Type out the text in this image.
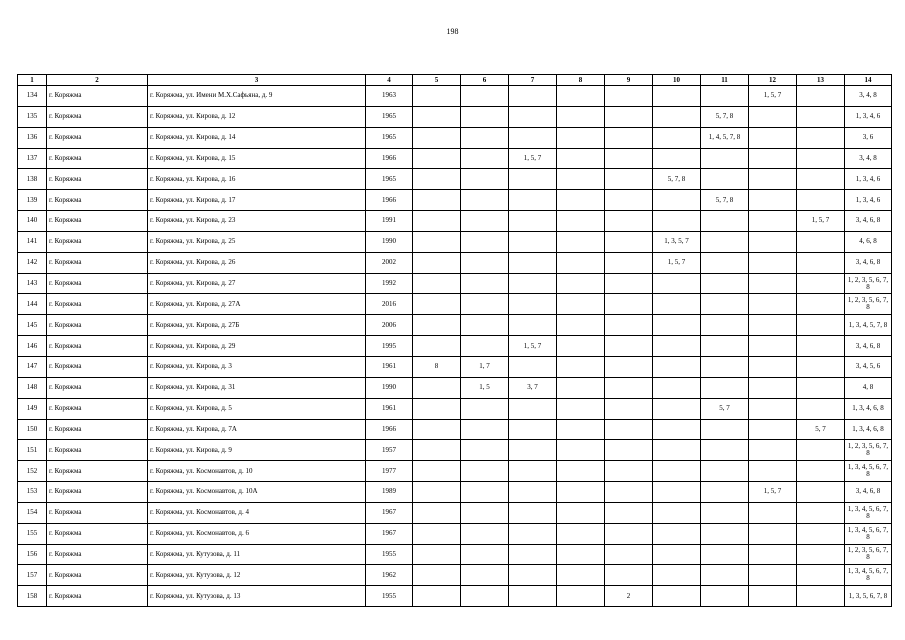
198
1	2	3	4	5	6	7	8	9	10	11	12	13	14
134	г. Коряжма	г. Коряжма, ул. Имени М.Х.Сафьяна, д. 9	1963								1, 5, 7		3, 4, 8
135	г. Коряжма	г. Коряжма, ул. Кирова, д. 12	1965							5, 7, 8			1, 3, 4, 6
136	г. Коряжма	г. Коряжма, ул. Кирова, д. 14	1965							1, 4, 5, 7, 8			3, 6
137	г. Коряжма	г. Коряжма, ул. Кирова, д. 15	1966			1, 5, 7							3, 4, 8
138	г. Коряжма	г. Коряжма, ул. Кирова, д. 16	1965						5, 7, 8				1, 3, 4, 6
139	г. Коряжма	г. Коряжма, ул. Кирова, д. 17	1966							5, 7, 8			1, 3, 4, 6
140	г. Коряжма	г. Коряжма, ул. Кирова, д. 23	1991									1, 5, 7	3, 4, 6, 8
141	г. Коряжма	г. Коряжма, ул. Кирова, д. 25	1990						1, 3, 5, 7				4, 6, 8
142	г. Коряжма	г. Коряжма, ул. Кирова, д. 26	2002						1, 5, 7				3, 4, 6, 8
143	г. Коряжма	г. Коряжма, ул. Кирова, д. 27	1992										1, 2, 3, 5, 6, 7, 8
144	г. Коряжма	г. Коряжма, ул. Кирова, д. 27А	2016										1, 2, 3, 5, 6, 7, 8
145	г. Коряжма	г. Коряжма, ул. Кирова, д. 27Б	2006										1, 3, 4, 5, 7, 8
146	г. Коряжма	г. Коряжма, ул. Кирова, д. 29	1995			1, 5, 7							3, 4, 6, 8
147	г. Коряжма	г. Коряжма, ул. Кирова, д. 3	1961	8	1, 7								3, 4, 5, 6
148	г. Коряжма	г. Коряжма, ул. Кирова, д. 31	1990		1, 5	3, 7							4, 8
149	г. Коряжма	г. Коряжма, ул. Кирова, д. 5	1961							5, 7			1, 3, 4, 6, 8
150	г. Коряжма	г. Коряжма, ул. Кирова, д. 7А	1966									5, 7	1, 3, 4, 6, 8
151	г. Коряжма	г. Коряжма, ул. Кирова, д. 9	1957										1, 2, 3, 5, 6, 7, 8
152	г. Коряжма	г. Коряжма, ул. Космонавтов, д. 10	1977										1, 3, 4, 5, 6, 7, 8
153	г. Коряжма	г. Коряжма, ул. Космонавтов, д. 10А	1989								1, 5, 7		3, 4, 6, 8
154	г. Коряжма	г. Коряжма, ул. Космонавтов, д. 4	1967										1, 3, 4, 5, 6, 7, 8
155	г. Коряжма	г. Коряжма, ул. Космонавтов, д. 6	1967										1, 3, 4, 5, 6, 7, 8
156	г. Коряжма	г. Коряжма, ул. Кутузова, д. 11	1955										1, 2, 3, 5, 6, 7, 8
157	г. Коряжма	г. Коряжма, ул. Кутузова, д. 12	1962										1, 3, 4, 5, 6, 7, 8
158	г. Коряжма	г. Коряжма, ул. Кутузова, д. 13	1955					2					1, 3, 5, 6, 7, 8
